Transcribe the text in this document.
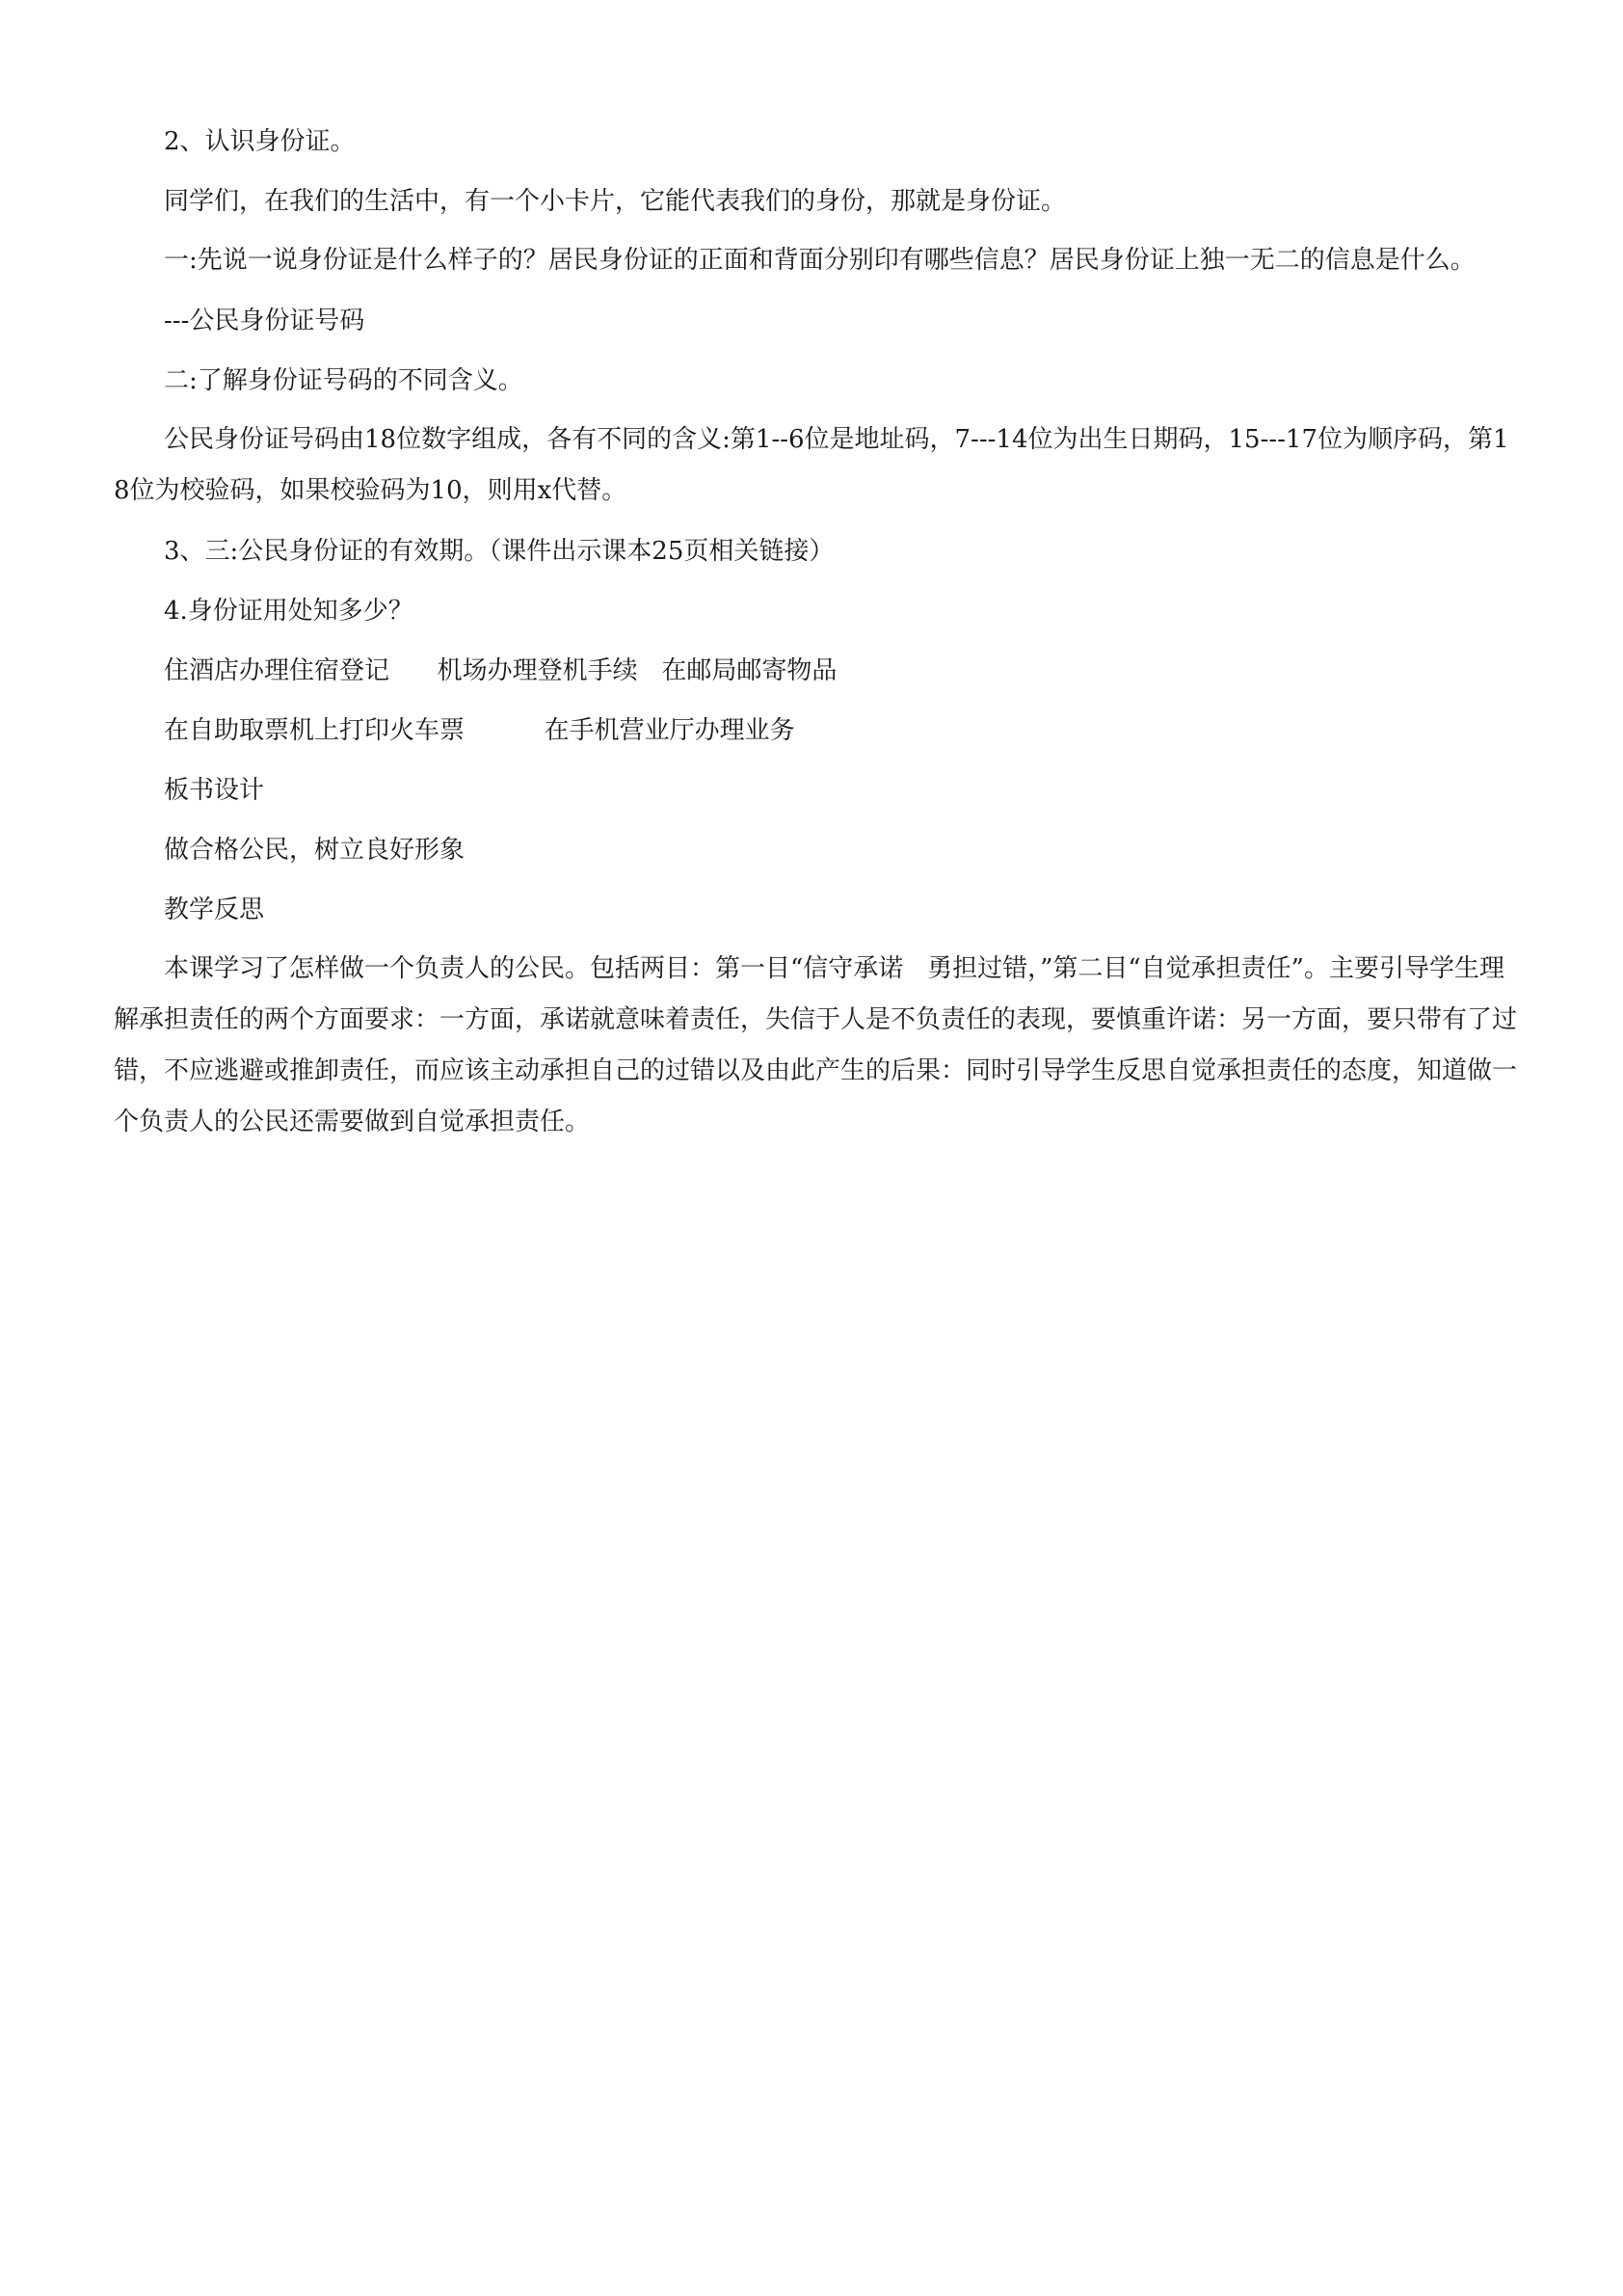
2、认识身份证。

同学们，在我们的生活中，有一个小卡片，它能代表我们的身份，那就是身份证。

一:先说一说身份证是什么样子的？居民身份证的正面和背面分别印有哪些信息？居民身份证上独一无二的信息是什么。

---公民身份证号码

二:了解身份证号码的不同含义。

公民身份证号码由18位数字组成，各有不同的含义:第1--6位是地址码，7---14位为出生日期码，15---17位为顺序码，第18位为校验码，如果校验码为10，则用x代替。

3、三:公民身份证的有效期。（课件出示课本25页相关链接）

4.身份证用处知多少？

住酒店办理住宿登记      机场办理登机手续   在邮局邮寄物品

在自助取票机上打印火车票          在手机营业厅办理业务

板书设计

做合格公民，树立良好形象

教学反思

本课学习了怎样做一个负责人的公民。包括两目：第一目“信守承诺   勇担过错，”第二目“自觉承担责任”。主要引导学生理解承担责任的两个方面要求：一方面，承诺就意味着责任，失信于人是不负责任的表现，要慎重许诺：另一方面，要只带有了过错，不应逃避或推卸责任，而应该主动承担自己的过错以及由此产生的后果：同时引导学生反思自觉承担责任的态度，知道做一个负责人的公民还需要做到自觉承担责任。
